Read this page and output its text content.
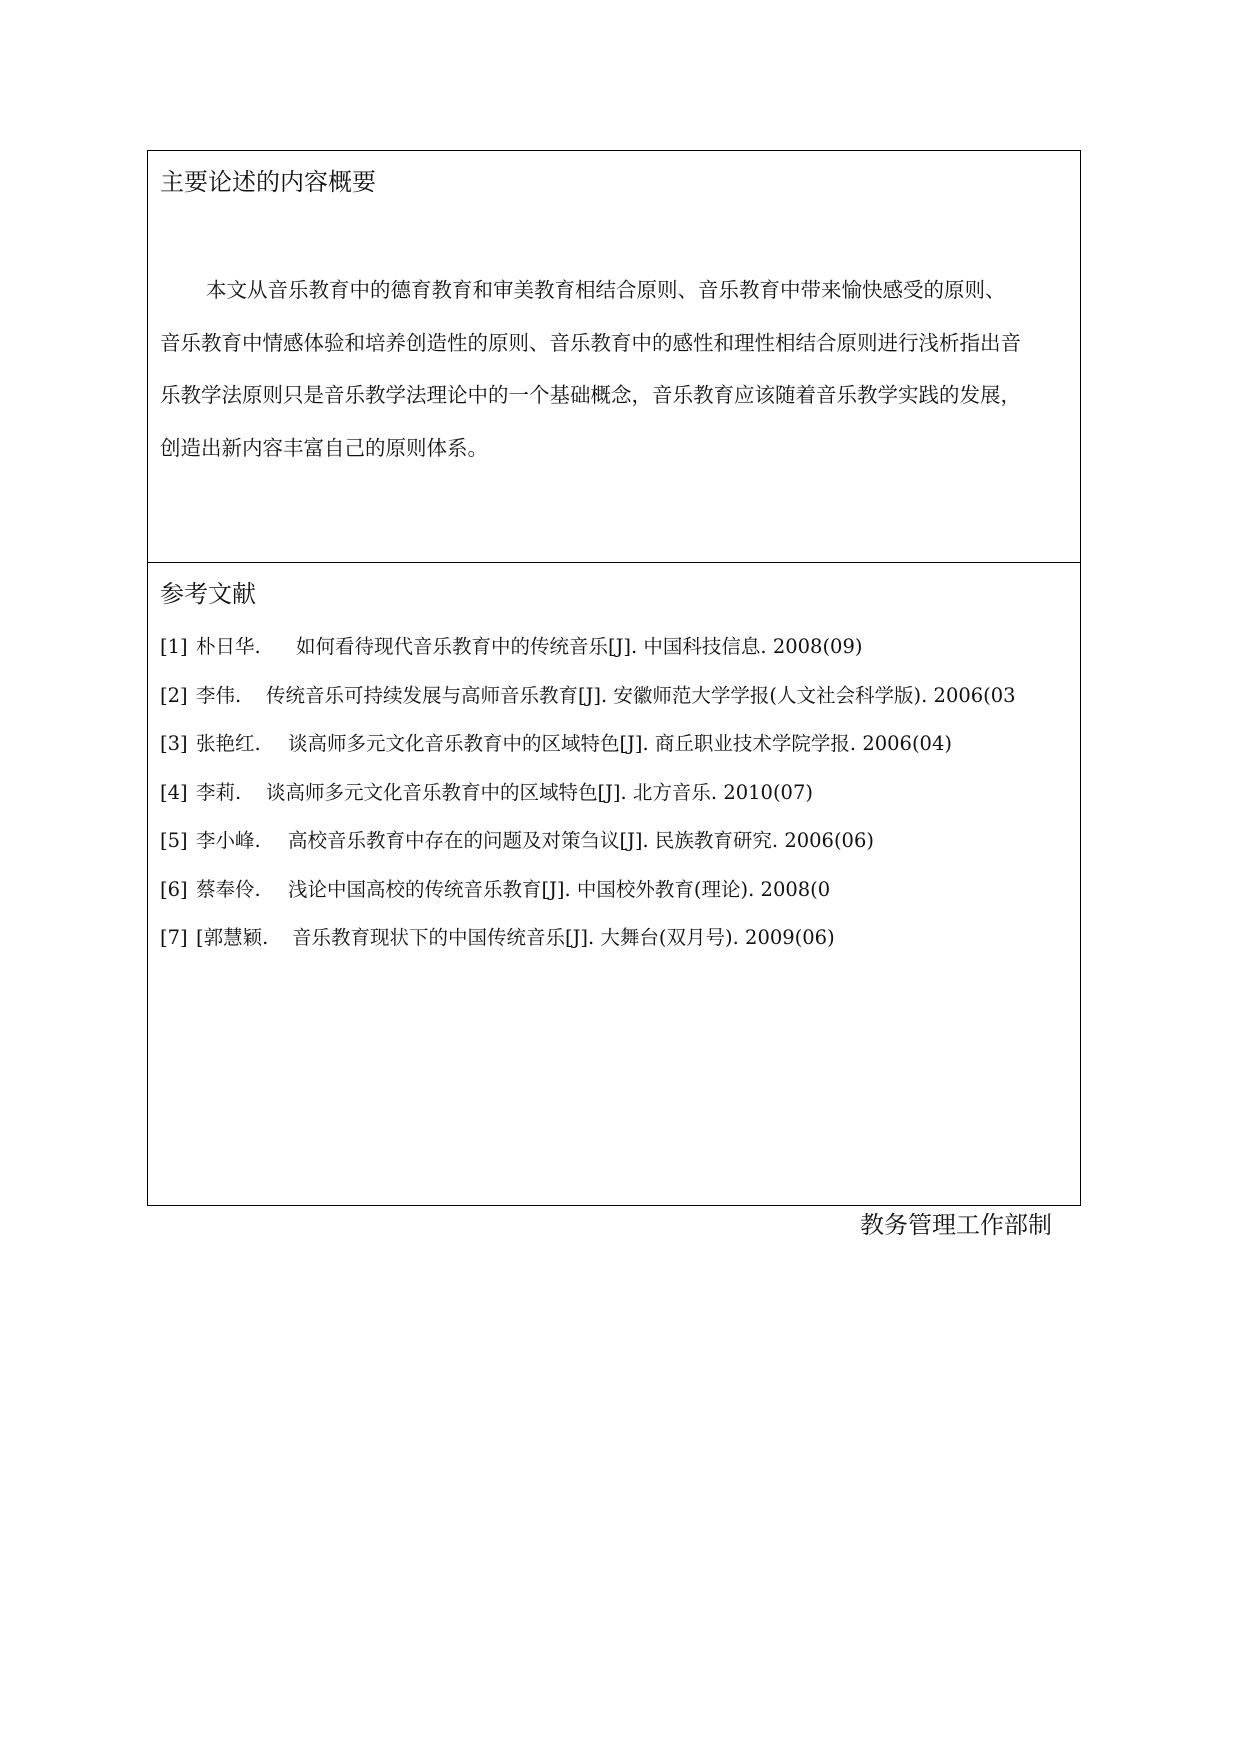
主要论述的内容概要
本文从音乐教育中的德育教育和审美教育相结合原则、音乐教育中带来愉快感受的原则、
音乐教育中情感体验和培养创造性的原则、音乐教育中的感性和理性相结合原则进行浅析指出音
乐教学法原则只是音乐教学法理论中的一个基础概念，音乐教育应该随着音乐教学实践的发展，
创造出新内容丰富自己的原则体系。
参考文献
[1] 朴日华. 如何看待现代音乐教育中的传统音乐[J]. 中国科技信息. 2008(09)
[2] 李伟. 传统音乐可持续发展与高师音乐教育[J]. 安徽师范大学学报(人文社会科学版). 2006(03
[3] 张艳红. 谈高师多元文化音乐教育中的区域特色[J]. 商丘职业技术学院学报. 2006(04)
[4] 李莉. 谈高师多元文化音乐教育中的区域特色[J]. 北方音乐. 2010(07)
[5] 李小峰. 高校音乐教育中存在的问题及对策刍议[J]. 民族教育研究. 2006(06)
[6] 蔡奉伶. 浅论中国高校的传统音乐教育[J]. 中国校外教育(理论). 2008(0
[7] [郭慧颖. 音乐教育现状下的中国传统音乐[J]. 大舞台(双月号). 2009(06)
教务管理工作部制
